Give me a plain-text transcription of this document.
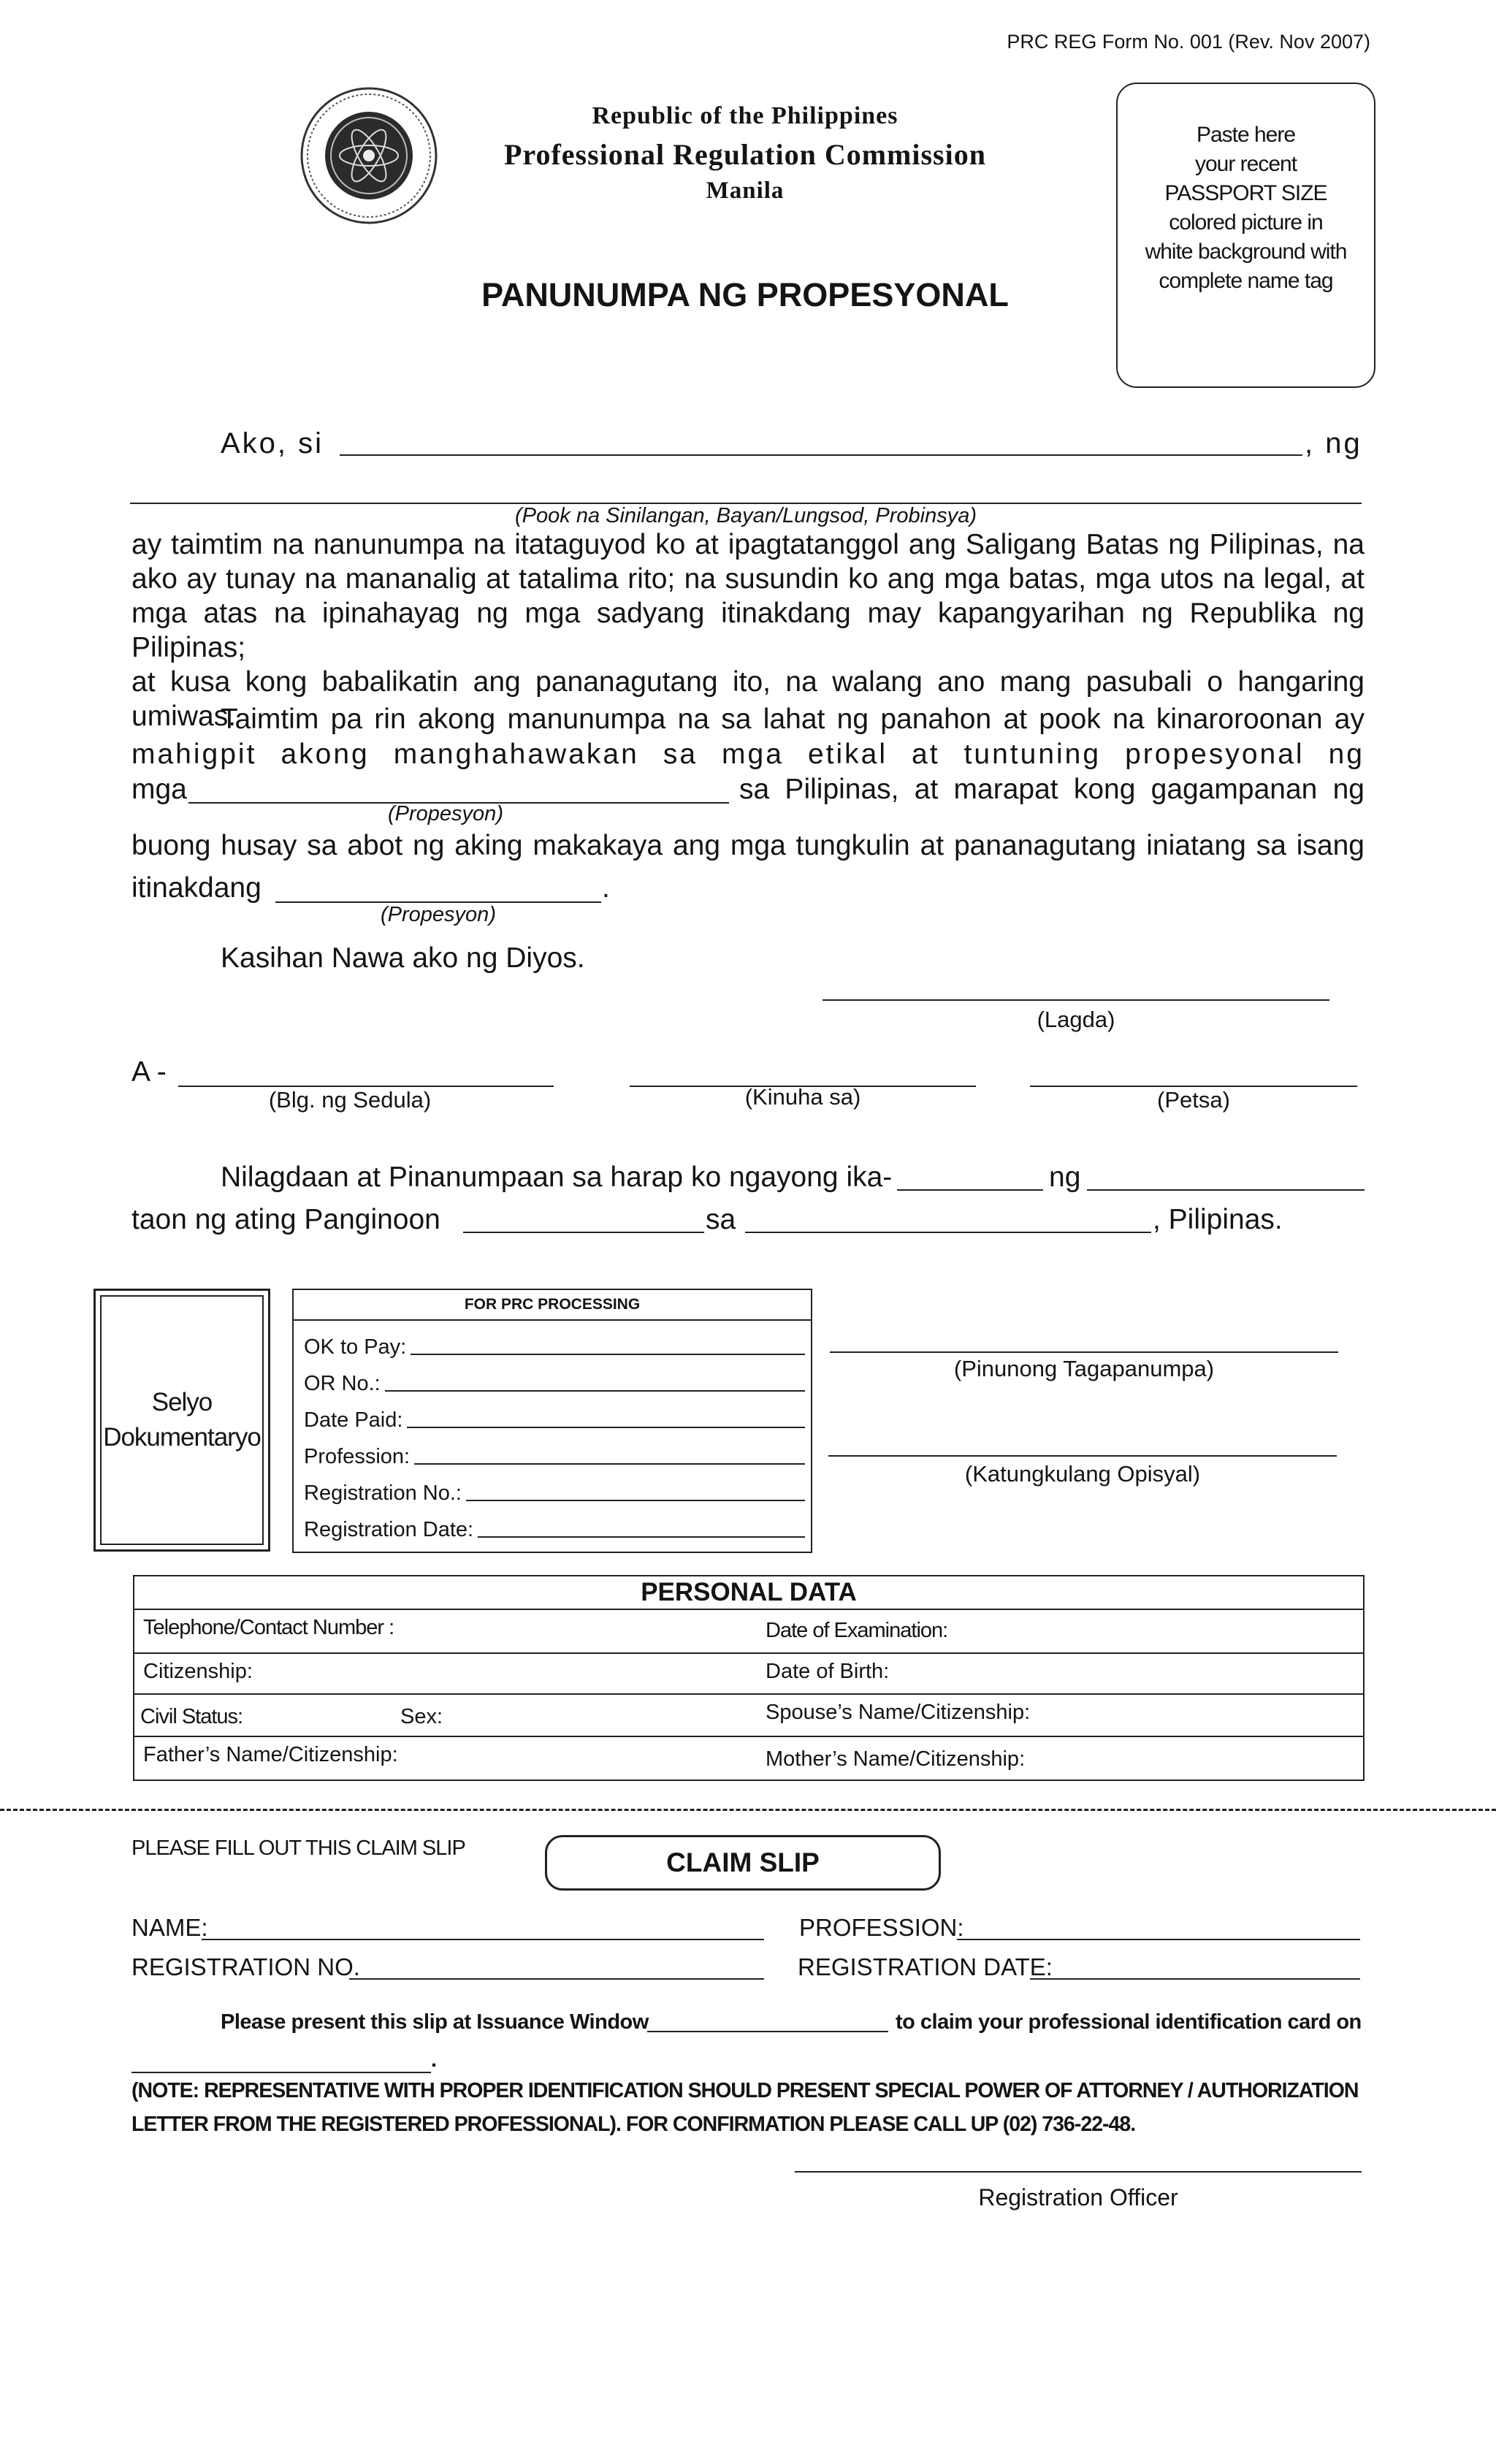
PRC REG Form No. 001 (Rev. Nov 2007)
Republic of the Philippines
Professional Regulation Commission
Manila
PANUNUMPA NG PROPESYONAL
Paste here
your recent
PASSPORT SIZE
colored picture in
white background with
complete name tag
Ako, si	, ng
(Pook na Sinilangan, Bayan/Lungsod, Probinsya)
ay taimtim na nanunumpa na itataguyod ko at ipagtatanggol ang Saligang Batas ng Pilipinas, na
ako ay tunay na mananalig at tatalima rito; na susundin ko ang mga batas, mga utos na legal, at
mga atas na ipinahayag ng mga sadyang itinakdang may kapangyarihan ng Republika ng Pilipinas;
at kusa kong babalikatin ang pananagutang ito, na walang ano mang pasubali o hangaring umiwas.
Taimtim pa rin akong manunumpa na sa lahat ng panahon at pook na kinaroroonan ay
mahigpit akong manghahawakan sa mga etikal at tuntuning propesyonal ng
mga	sa Pilipinas, at marapat kong gagampanan ng
(Propesyon)
buong husay sa abot ng aking makakaya ang mga tungkulin at pananagutang iniatang sa isang
itinakdang	.
(Propesyon)
Kasihan Nawa ako ng Diyos.
(Lagda)
A -
(Blg. ng Sedula)	(Kinuha sa)	(Petsa)
Nilagdaan at Pinanumpaan sa harap ko ngayong ika-	ng
taon ng ating Panginoon	sa	, Pilipinas.
Selyo
Dokumentaryo
FOR PRC PROCESSING
OK to Pay:
OR No.:
Date Paid:
Profession:
Registration No.:
Registration Date:
(Pinunong Tagapanumpa)
(Katungkulang Opisyal)
PERSONAL DATA
Telephone/Contact Number :	Date of Examination:
Citizenship:	Date of Birth:
Civil Status:	Sex:	Spouse’s Name/Citizenship:
Father’s Name/Citizenship:	Mother’s Name/Citizenship:
PLEASE FILL OUT THIS CLAIM SLIP	CLAIM SLIP
NAME:	PROFESSION:
REGISTRATION NO.	REGISTRATION DATE:
Please present this slip at Issuance Window	to claim your professional identification card on
.
(NOTE: REPRESENTATIVE WITH PROPER IDENTIFICATION SHOULD PRESENT SPECIAL POWER OF ATTORNEY / AUTHORIZATION
LETTER FROM THE REGISTERED PROFESSIONAL). FOR CONFIRMATION PLEASE CALL UP (02) 736-22-48.
Registration Officer
